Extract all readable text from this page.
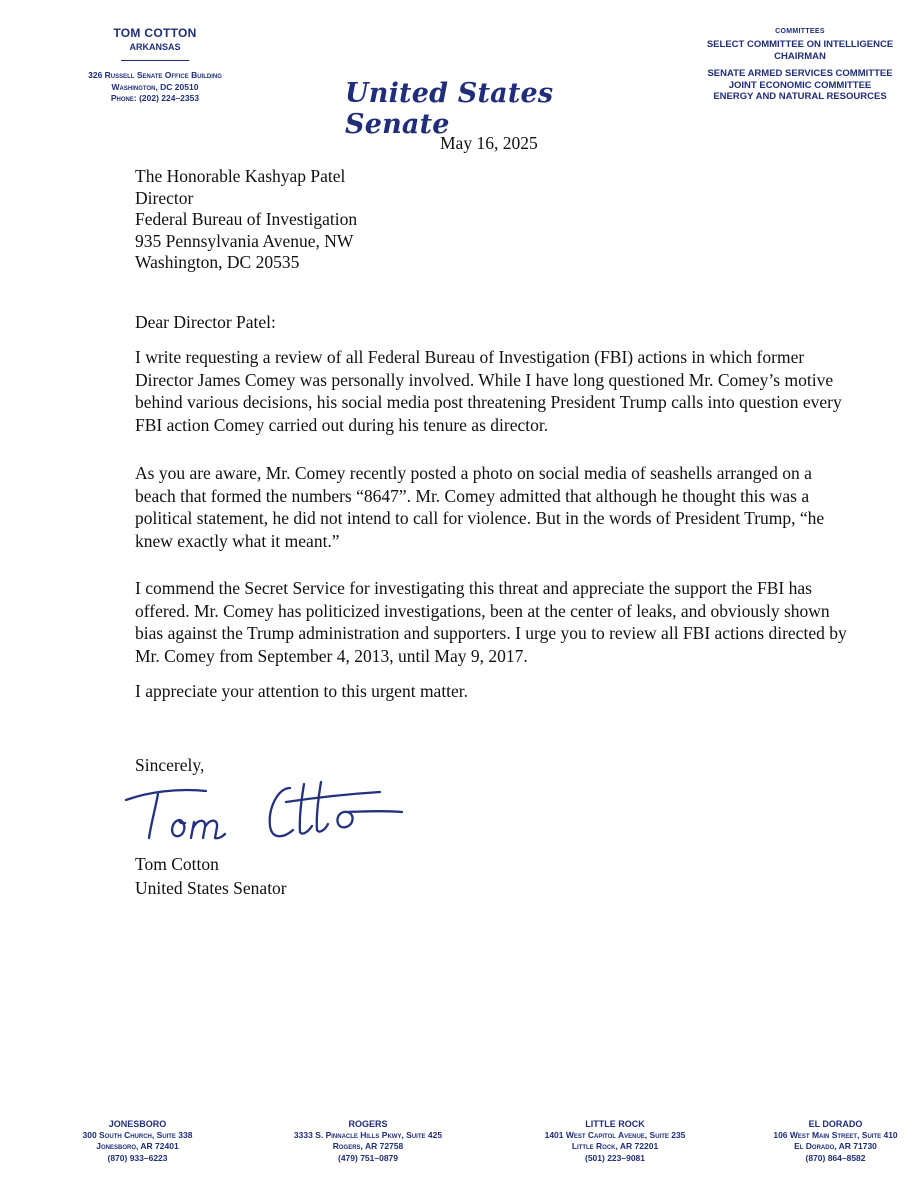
TOM COTTON
ARKANSAS
326 Russell Senate Office Building
Washington, DC 20510
Phone: (202) 224–2353	United States Senate
COMMITTEES
SELECT COMMITTEE ON INTELLIGENCE
CHAIRMAN
SENATE ARMED SERVICES COMMITTEE
JOINT ECONOMIC COMMITTEE
ENERGY AND NATURAL RESOURCES
May 16, 2025
The Honorable Kashyap Patel
Director
Federal Bureau of Investigation
935 Pennsylvania Avenue, NW
Washington, DC 20535
Dear Director Patel:
I write requesting a review of all Federal Bureau of Investigation (FBI) actions in which former Director James Comey was personally involved. While I have long questioned Mr. Comey’s motive behind various decisions, his social media post threatening President Trump calls into question every FBI action Comey carried out during his tenure as director.
As you are aware, Mr. Comey recently posted a photo on social media of seashells arranged on a beach that formed the numbers “8647”. Mr. Comey admitted that although he thought this was a political statement, he did not intend to call for violence. But in the words of President Trump, “he knew exactly what it meant.”
I commend the Secret Service for investigating this threat and appreciate the support the FBI has offered. Mr. Comey has politicized investigations, been at the center of leaks, and obviously shown bias against the Trump administration and supporters. I urge you to review all FBI actions directed by Mr. Comey from September 4, 2013, until May 9, 2017.
I appreciate your attention to this urgent matter.
Sincerely,
Tom Cotton
United States Senator
JONESBORO
300 South Church, Suite 338
Jonesboro, AR 72401
(870) 933–6223
ROGERS
3333 S. Pinnacle Hills Pkwy, Suite 425
Rogers, AR 72758
(479) 751–0879
LITTLE ROCK
1401 West Capitol Avenue, Suite 235
Little Rock, AR 72201
(501) 223–9081
EL DORADO
106 West Main Street, Suite 410
El Dorado, AR 71730
(870) 864–8582
